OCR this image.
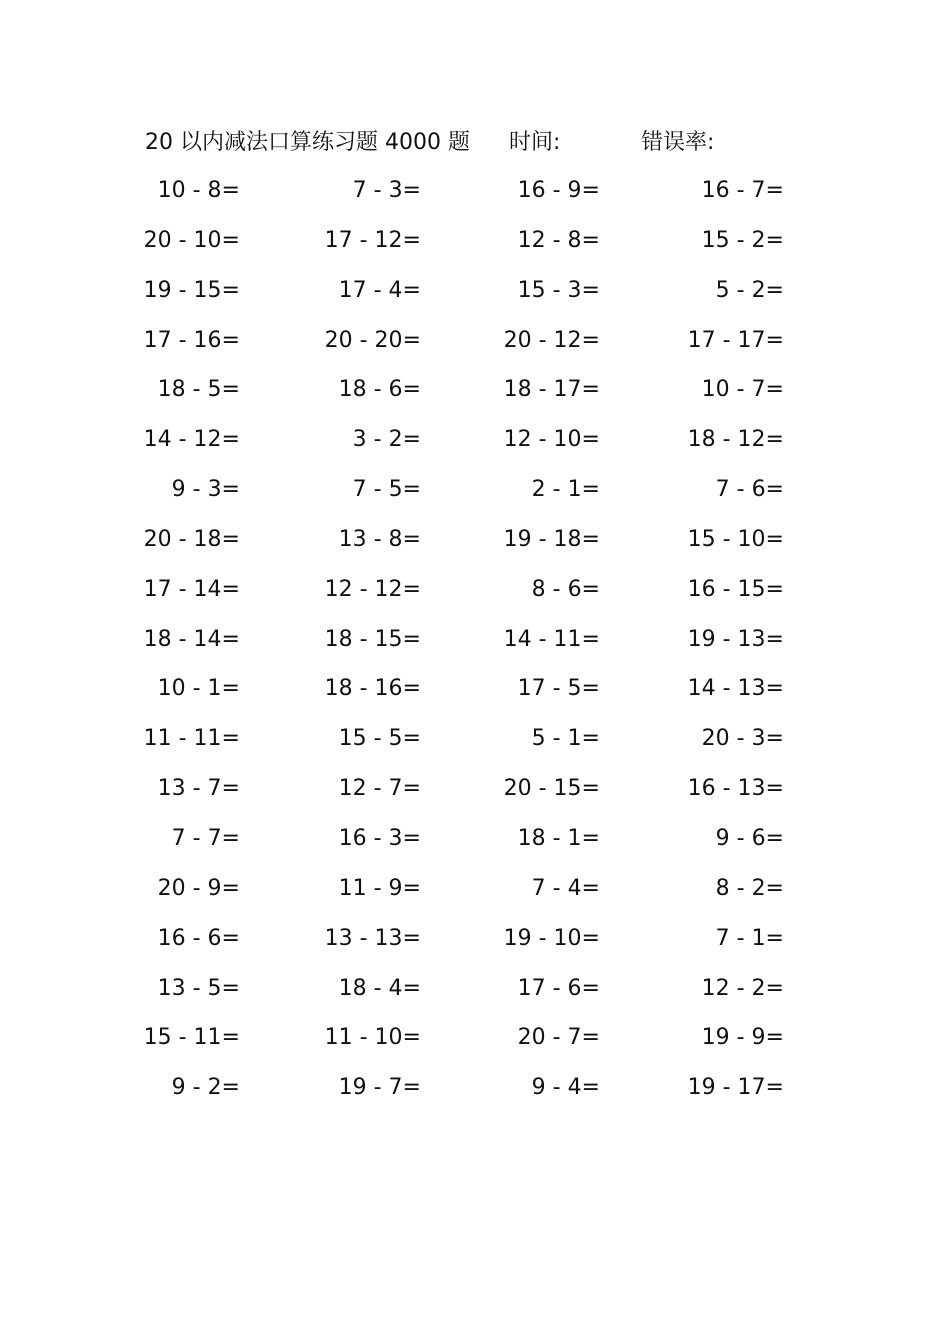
20 以内减法口算练习题 4000 题 时间:	错误率:
10 - 8=	7 - 3=	16 - 9=	16 - 7=
20 - 10=	17 - 12=	12 - 8=	15 - 2=
19 - 15=	17 - 4=	15 - 3=	5 - 2=
17 - 16=	20 - 20=	20 - 12=	17 - 17=
18 - 5=	18 - 6=	18 - 17=	10 - 7=
14 - 12=	3 - 2=	12 - 10=	18 - 12=
9 - 3=	7 - 5=	2 - 1=	7 - 6=
20 - 18=	13 - 8=	19 - 18=	15 - 10=
17 - 14=	12 - 12=	8 - 6=	16 - 15=
18 - 14=	18 - 15=	14 - 11=	19 - 13=
10 - 1=	18 - 16=	17 - 5=	14 - 13=
11 - 11=	15 - 5=	5 - 1=	20 - 3=
13 - 7=	12 - 7=	20 - 15=	16 - 13=
7 - 7=	16 - 3=	18 - 1=	9 - 6=
20 - 9=	11 - 9=	7 - 4=	8 - 2=
16 - 6=	13 - 13=	19 - 10=	7 - 1=
13 - 5=	18 - 4=	17 - 6=	12 - 2=
15 - 11=	11 - 10=	20 - 7=	19 - 9=
9 - 2=	19 - 7=	9 - 4=	19 - 17=
